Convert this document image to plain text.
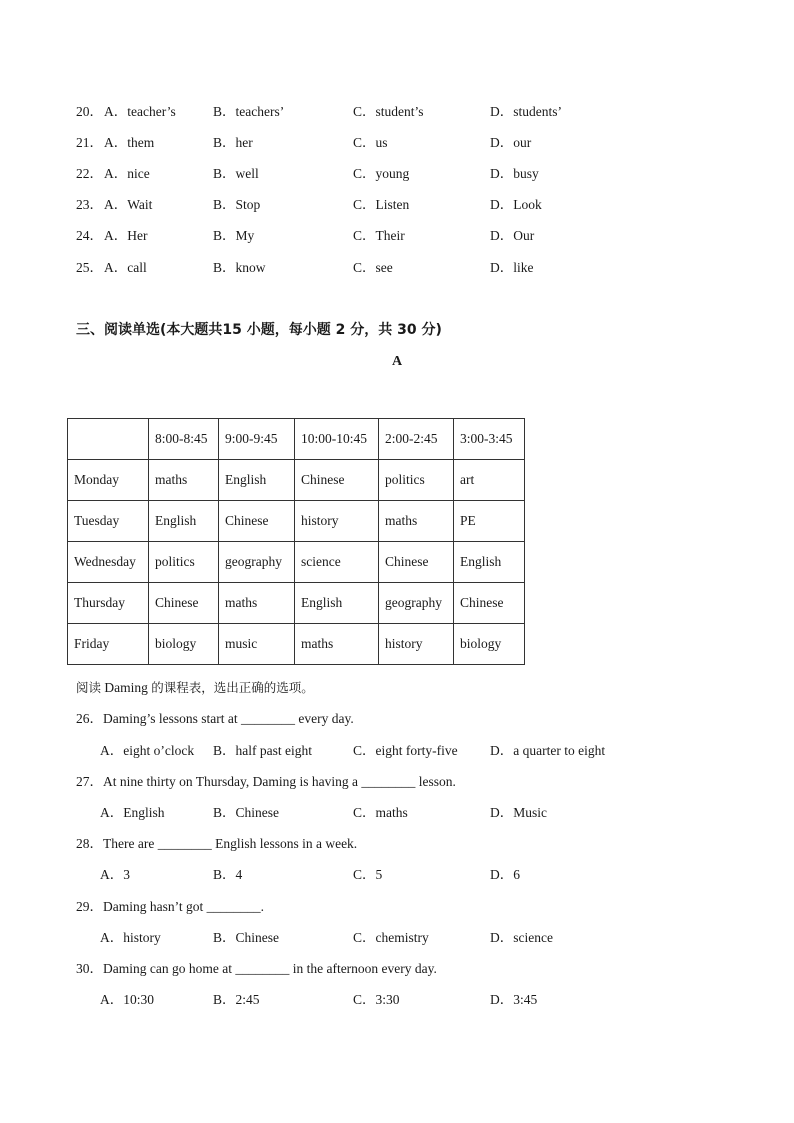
20． A．teacher’s	B．teachers’	C．student’s	D．students’
21． A．them	B．her	C．us	D．our
22． A．nice	B．well	C．young	D．busy
23． A．Wait	B．Stop	C．Listen	D．Look
24． A．Her	B．My	C．Their	D．Our
25． A．call	B．know	C．see	D．like
三、阅读单选(本大题共15 小题，每小题 2 分，共 30 分)
A
	8:00-8:45	9:00-9:45	10:00-10:45	2:00-2:45	3:00-3:45
Monday	maths	English	Chinese	politics	art
Tuesday	English	Chinese	history	maths	PE
Wednesday	politics	geography	science	Chinese	English
Thursday	Chinese	maths	English	geography	Chinese
Friday	biology	music	maths	history	biology
阅读 Daming 的课程表，选出正确的选项。
26．Daming’s lessons start at ________ every day.
A．eight o’clock B．half past eight	C．eight forty-five D．a quarter to eight
27．At nine thirty on Thursday, Daming is having a ________ lesson.
A．English	B．Chinese	C．maths	D．Music
28．There are ________ English lessons in a week.
A．3	B．4	C．5	D．6
29．Daming hasn’t got ________.
A．history	B．Chinese	C．chemistry	D．science
30．Daming can go home at ________ in the afternoon every day.
A．10:30	B．2:45	C．3:30	D．3:45
